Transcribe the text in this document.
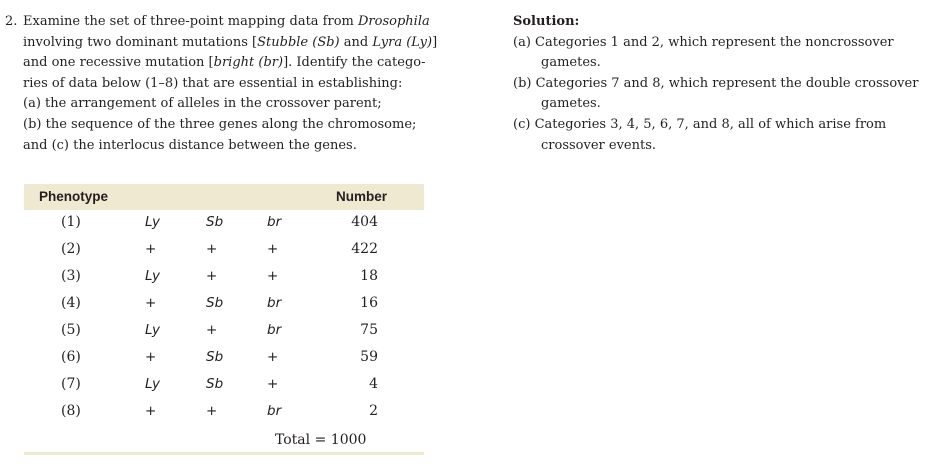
2. Examine the set of three-point mapping data from Drosophila
involving two dominant mutations [Stubble (Sb) and Lyra (Ly)]
and one recessive mutation [bright (br)]. Identify the catego-
ries of data below (1–8) that are essential in establishing:
(a) the arrangement of alleles in the crossover parent;
(b) the sequence of the three genes along the chromosome;
and (c) the interlocus distance between the genes.
Solution:
(a) Categories 1 and 2, which represent the noncrossover
gametes.
(b) Categories 7 and 8, which represent the double crossover
gametes.
(c) Categories 3, 4, 5, 6, 7, and 8, all of which arise from
crossover events.
Phenotype	Number
(1)	Ly	Sb	br	404
(2)	+	+	+	422
(3)	Ly	+	+	18
(4)	+	Sb	br	16
(5)	Ly	+	br	75
(6)	+	Sb	+	59
(7)	Ly	Sb	+	4
(8)	+	+	br	2
Total = 1000
